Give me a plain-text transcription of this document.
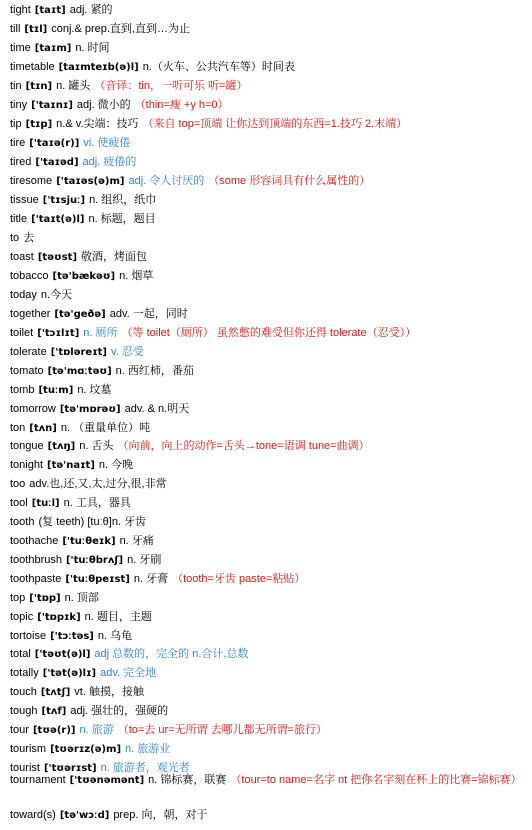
tight [taɪt] adj. 紧的
till [tɪl] conj.& prep.直到,直到…为止
time [taɪm] n. 时间
timetable [taɪmteɪb(ə)l] n.（火车、公共汽车等）时间表
tin [tɪn] n. 罐头 （音译：tin，一听可乐 听=罐）
tiny ['taɪnɪ] adj. 微小的 （thin=瘦 +y h=0）
tip [tɪp] n.& v.尖端：技巧 （来自 top=顶端 让你达到顶端的东西=1.技巧 2.末端）
tire ['taɪə(r)] vi. 使疲倦
tired ['taɪəd] adj. 疲倦的
tiresome ['taɪəs(ə)m] adj. 令人讨厌的 （some 形容词具有什么属性的）
tissue ['tɪsjuː] n. 组织，纸巾
title ['taɪt(ə)l] n. 标题，题目
to 去
toast [təʊst] 敬酒，烤面包
tobacco [tə'bækəʊ] n. 烟草
today n.今天
together [tə'geðə] adv. 一起，同时
toilet ['tɔɪlɪt] n. 厕所 （等 toilet（厕所） 虽然憋的难受但你还得 tolerate（忍受））
tolerate ['tɒləreɪt] v. 忍受
tomato [tə'mɑːtəʊ] n. 西红柿，番茄
tomb [tuːm] n. 坟墓
tomorrow [tə'mɒrəʊ] adv. & n.明天
ton [tʌn] n. （重量单位）吨
tongue [tʌŋ] n. 舌头 （向前，向上的动作=舌头→tone=语调 tune=曲调）
tonight [tə'naɪt] n. 今晚
too adv.也,还,又,太,过分,很,非常
tool [tuːl] n. 工具，器具
tooth (复 teeth) [tuːθ]n. 牙齿
toothache ['tuːθeɪk] n. 牙痛
toothbrush ['tuːθbrʌʃ] n. 牙刷
toothpaste ['tuːθpeɪst] n. 牙膏 （tooth=牙齿 paste=粘贴）
top ['tɒp] n. 顶部
topic ['tɒpɪk] n. 题目，主题
tortoise ['tɔːtəs] n. 乌龟
total ['təʊt(ə)l] adj 总数的，完全的 n.合计,总数
totally ['tət(ə)lɪ] adv. 完全地
touch [tʌtʃ] vt. 触摸，接触
tough [tʌf] adj. 强壮的，强硬的
tour [tʊə(r)] n. 旅游 （to=去 ur=无所谓 去哪儿都无所谓=旅行）
tourism [tʊərɪz(ə)m] n. 旅游业
tourist ['tʊərɪst] n. 旅游者，观光者
tournament ['tʊənəmənt] n. 锦标赛，联赛 （tour=to name=名字 nt 把你名字刻在杯上的比赛=锦标赛）
toward(s) [tə'wɔːd] prep. 向，朝，对于
